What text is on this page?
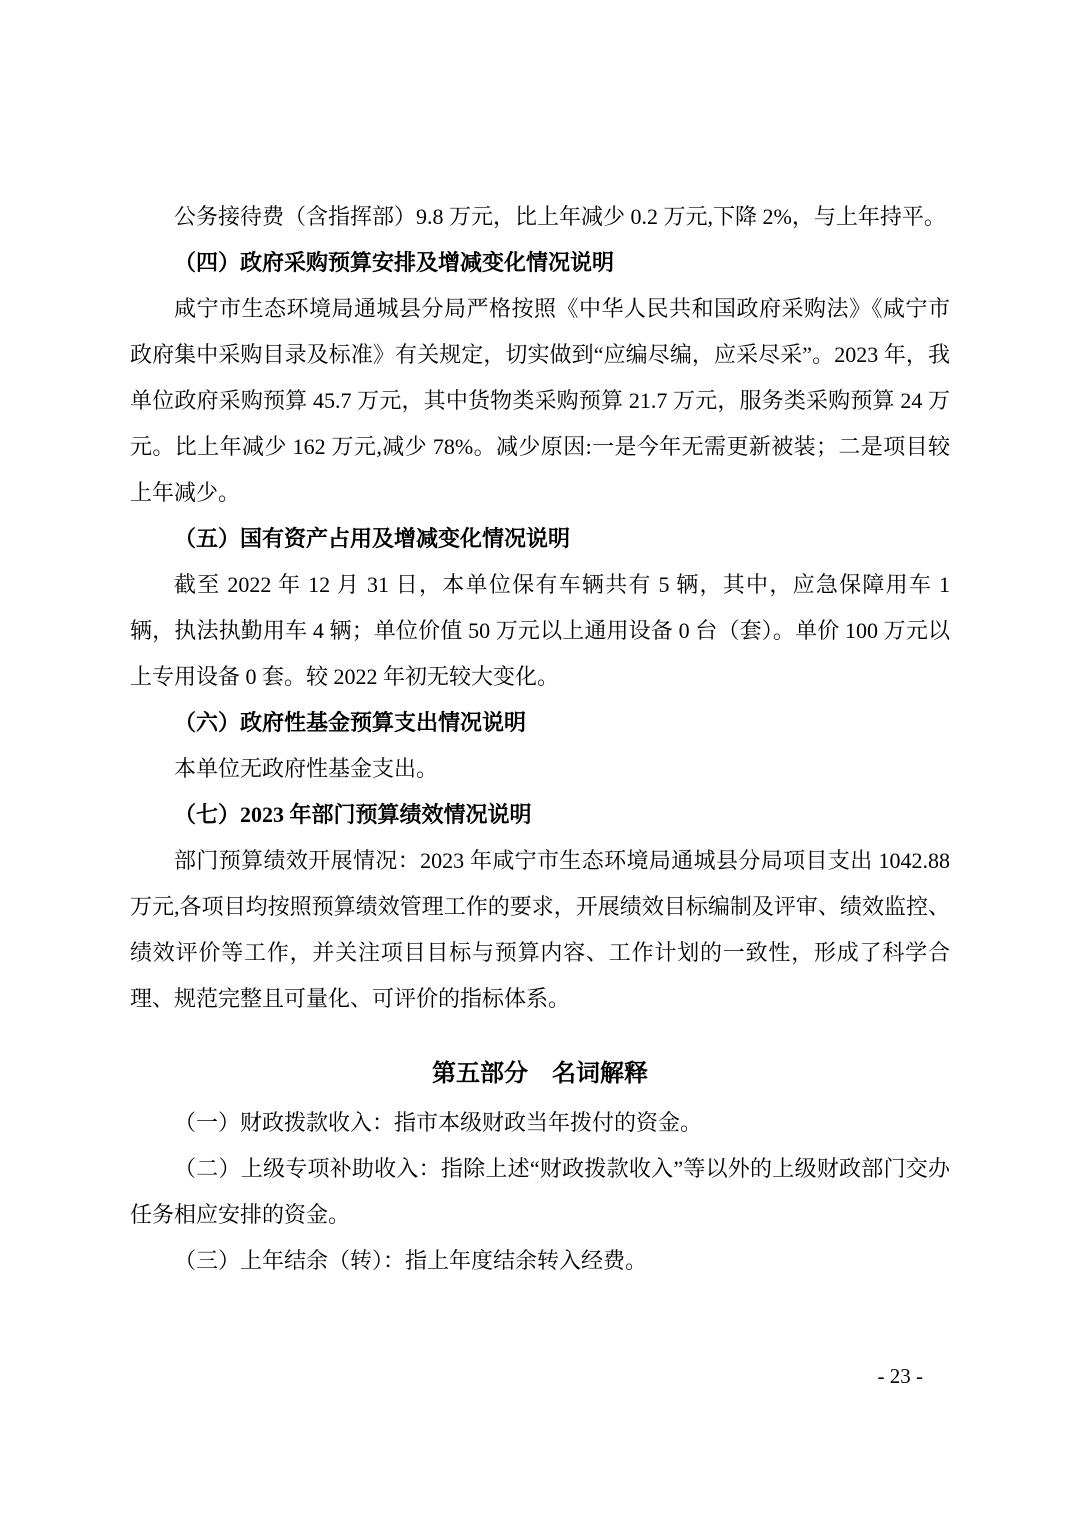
公务接待费（含指挥部）9.8 万元，比上年减少 0.2 万元,下降 2%，与上年持平。

（四）政府采购预算安排及增减变化情况说明

咸宁市生态环境局通城县分局严格按照《中华人民共和国政府采购法》《咸宁市政府集中采购目录及标准》有关规定，切实做到“应编尽编，应采尽采”。2023 年，我单位政府采购预算 45.7 万元，其中货物类采购预算 21.7 万元，服务类采购预算 24 万元。比上年减少 162 万元,减少 78%。减少原因:一是今年无需更新被装；二是项目较上年减少。

（五）国有资产占用及增减变化情况说明

截至 2022 年 12 月 31 日，本单位保有车辆共有 5 辆，其中，应急保障用车 1 辆，执法执勤用车 4 辆；单位价值 50 万元以上通用设备 0 台（套）。单价 100 万元以上专用设备 0 套。较 2022 年初无较大变化。

（六）政府性基金预算支出情况说明

本单位无政府性基金支出。

（七）2023 年部门预算绩效情况说明

部门预算绩效开展情况：2023 年咸宁市生态环境局通城县分局项目支出 1042.88 万元,各项目均按照预算绩效管理工作的要求，开展绩效目标编制及评审、绩效监控、绩效评价等工作，并关注项目目标与预算内容、工作计划的一致性，形成了科学合理、规范完整且可量化、可评价的指标体系。

第五部分　名词解释

（一）财政拨款收入：指市本级财政当年拨付的资金。

（二）上级专项补助收入：指除上述“财政拨款收入”等以外的上级财政部门交办任务相应安排的资金。

（三）上年结余（转）：指上年度结余转入经费。

- 23 -
